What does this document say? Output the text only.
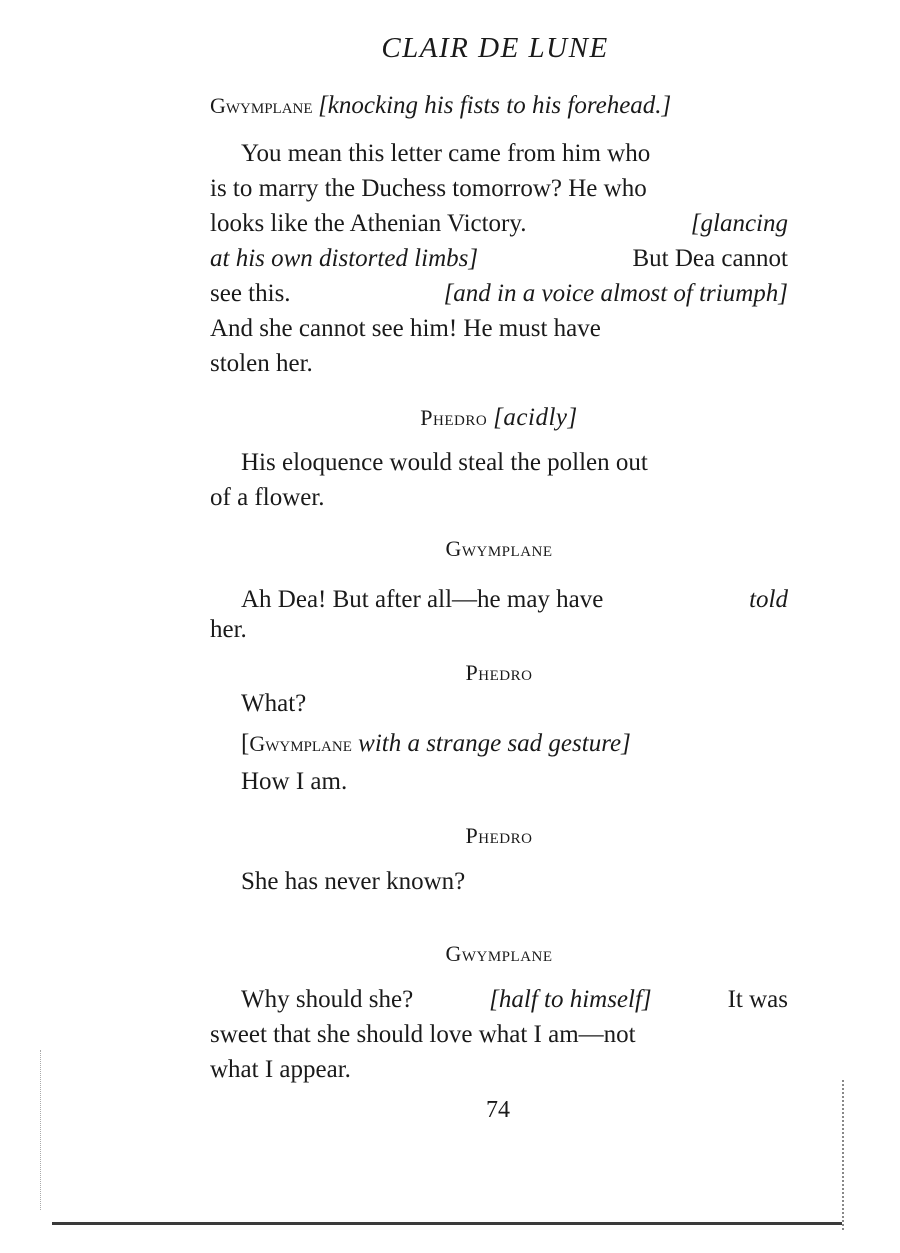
CLAIR DE LUNE
Gwymplane [knocking his fists to his forehead.]
You mean this letter came from him who
is to marry the Duchess tomorrow? He who
looks like the Athenian Victory.	[glancing
at his own distorted limbs]	But Dea cannot
see this.	[and in a voice almost of triumph]
And she cannot see him! He must have
stolen her.
Phedro [acidly]
His eloquence would steal the pollen out
of a flower.
Gwymplane
Ah Dea! But after all—he may have	told
her.
Phedro
What?
[Gwymplane with a strange sad gesture]
How I am.
Phedro
She has never known?
Gwymplane
Why should she?	[half to himself]	It was
sweet that she should love what I am—not
what I appear.
74
